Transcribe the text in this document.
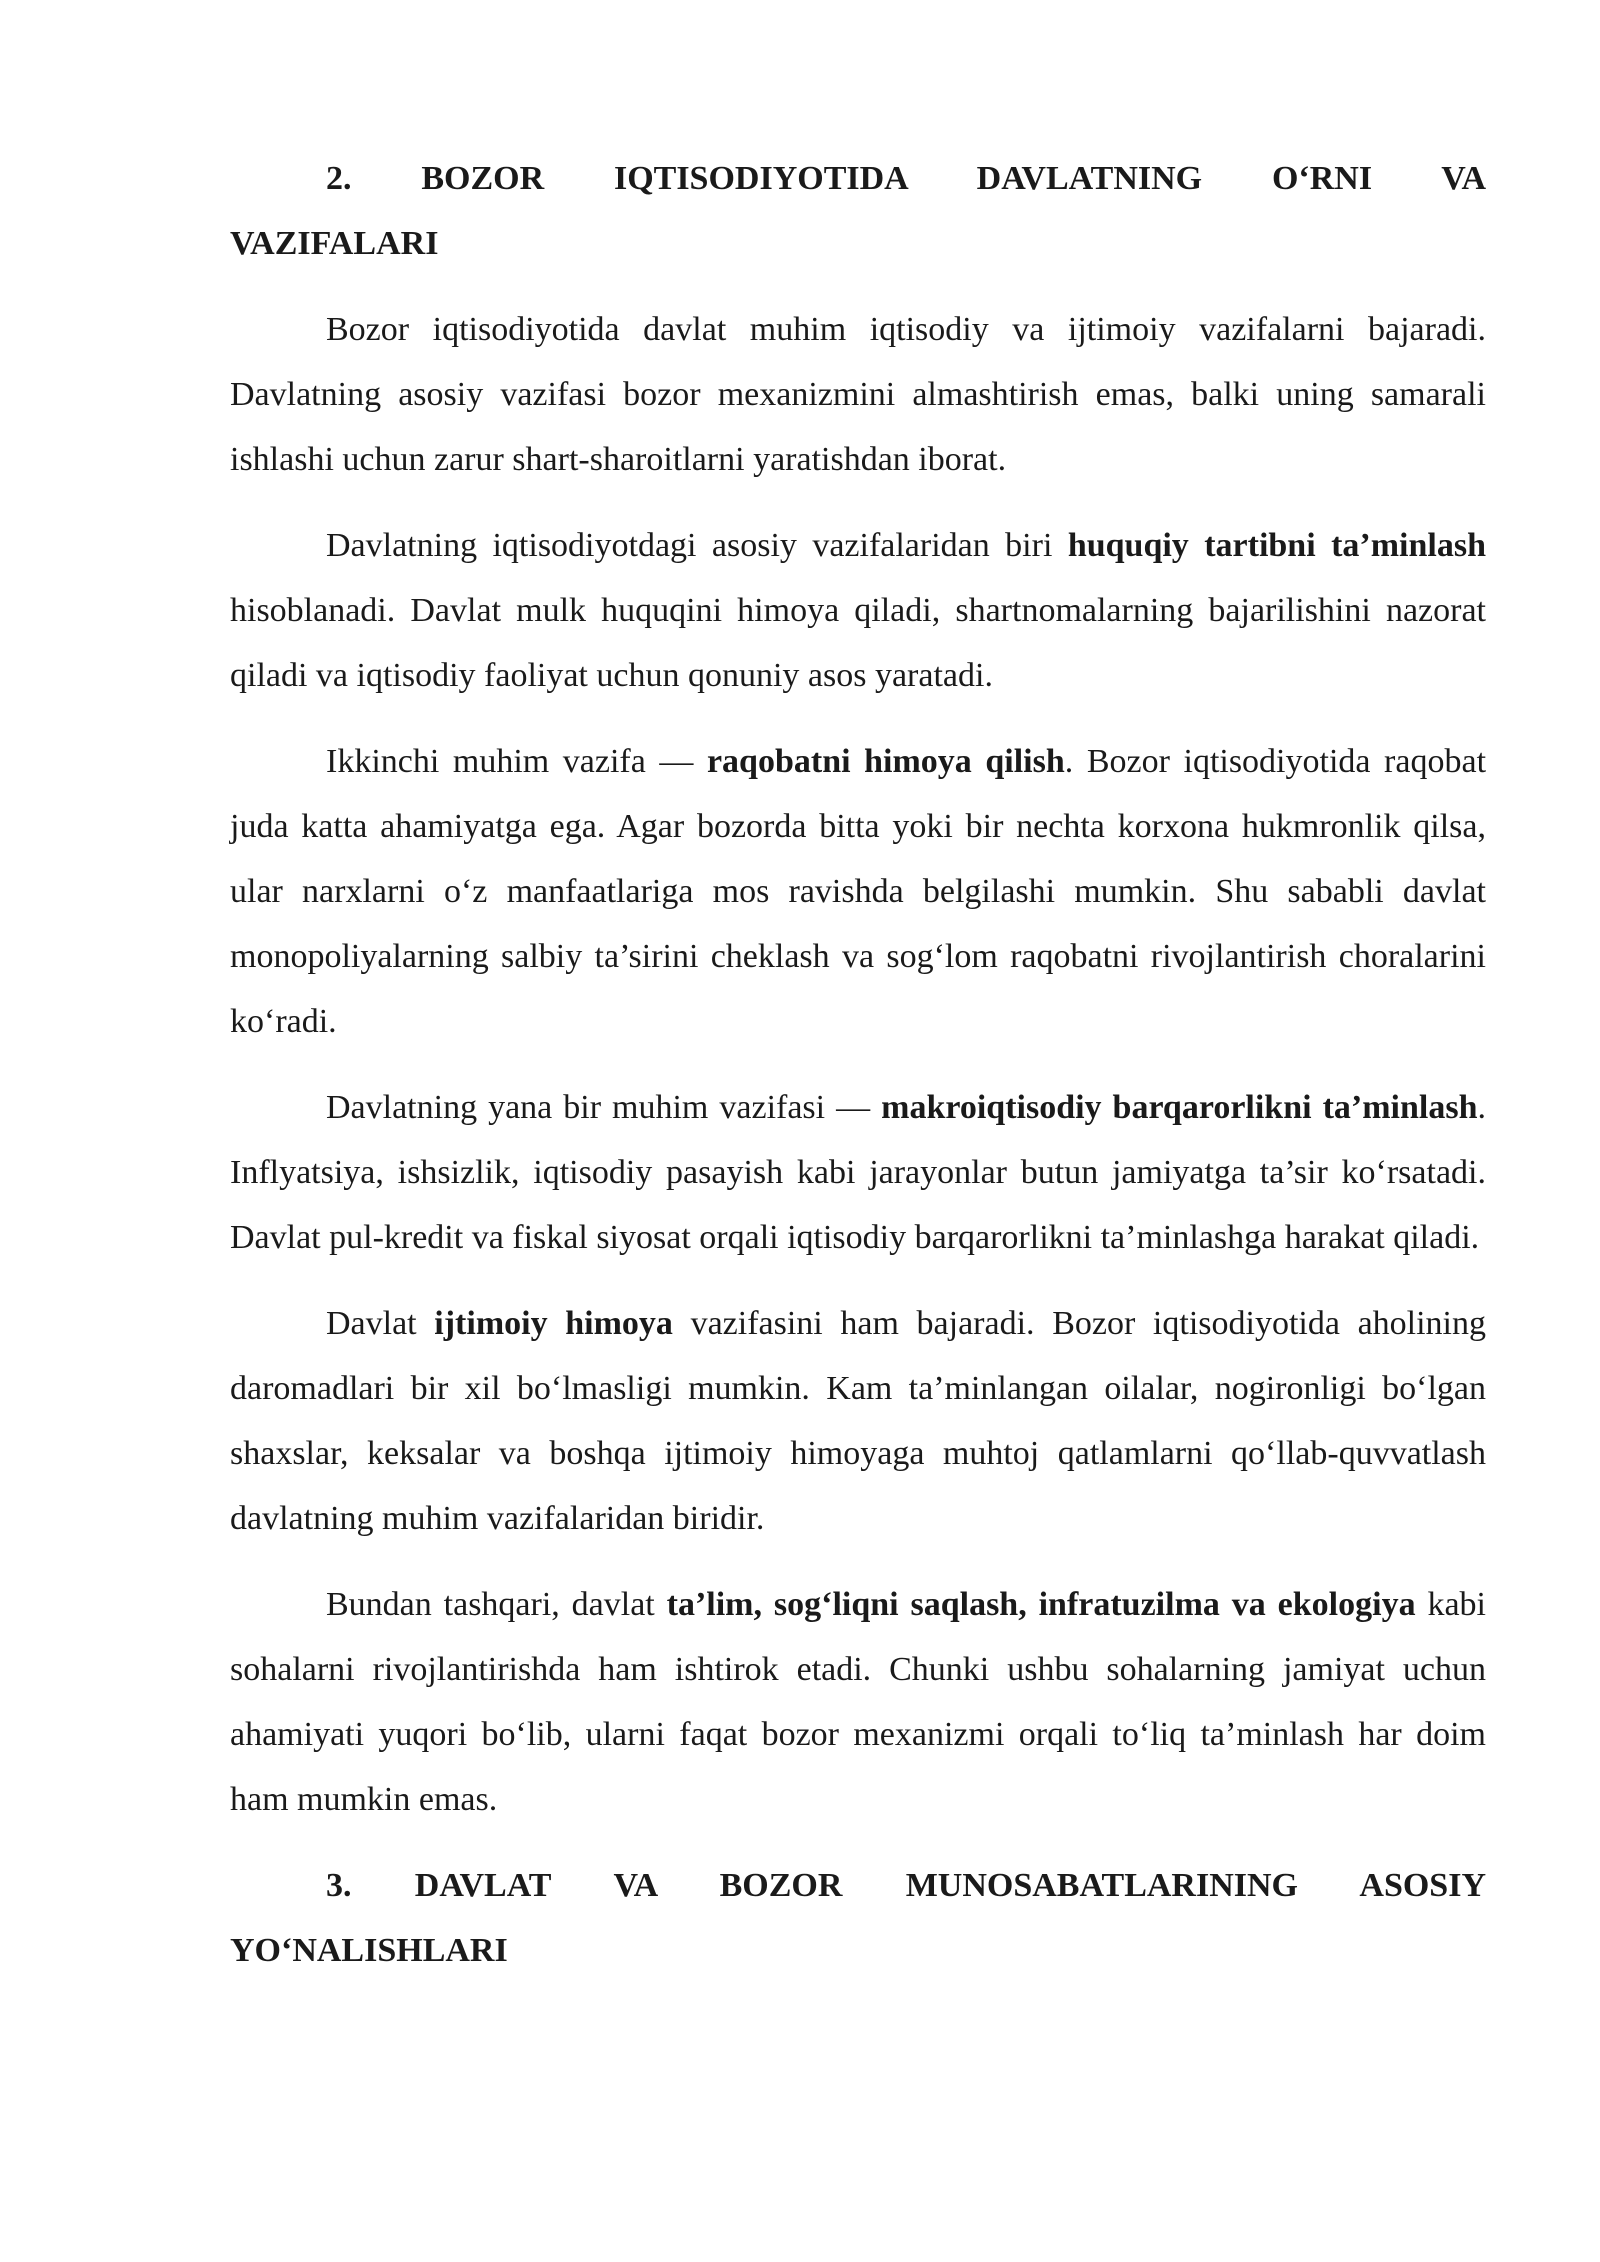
2. BOZOR IQTISODIYOTIDA DAVLATNING O‘RNI VA
VAZIFALARI

Bozor iqtisodiyotida davlat muhim iqtisodiy va ijtimoiy vazifalarni bajaradi. Davlatning asosiy vazifasi bozor mexanizmini almashtirish emas, balki uning samarali ishlashi uchun zarur shart-sharoitlarni yaratishdan iborat.

Davlatning iqtisodiyotdagi asosiy vazifalaridan biri huquqiy tartibni ta’minlash hisoblanadi. Davlat mulk huquqini himoya qiladi, shartnomalarning bajarilishini nazorat qiladi va iqtisodiy faoliyat uchun qonuniy asos yaratadi.

Ikkinchi muhim vazifa — raqobatni himoya qilish. Bozor iqtisodiyotida raqobat juda katta ahamiyatga ega. Agar bozorda bitta yoki bir nechta korxona hukmronlik qilsa, ular narxlarni o‘z manfaatlariga mos ravishda belgilashi mumkin. Shu sababli davlat monopoliyalarning salbiy ta’sirini cheklash va sog‘lom raqobatni rivojlantirish choralarini ko‘radi.

Davlatning yana bir muhim vazifasi — makroiqtisodiy barqarorlikni ta’minlash. Inflyatsiya, ishsizlik, iqtisodiy pasayish kabi jarayonlar butun jamiyatga ta’sir ko‘rsatadi. Davlat pul-kredit va fiskal siyosat orqali iqtisodiy barqarorlikni ta’minlashga harakat qiladi.

Davlat ijtimoiy himoya vazifasini ham bajaradi. Bozor iqtisodiyotida aholining daromadlari bir xil bo‘lmasligi mumkin. Kam ta’minlangan oilalar, nogironligi bo‘lgan shaxslar, keksalar va boshqa ijtimoiy himoyaga muhtoj qatlamlarni qo‘llab-quvvatlash davlatning muhim vazifalaridan biridir.

Bundan tashqari, davlat ta’lim, sog‘liqni saqlash, infratuzilma va ekologiya kabi sohalarni rivojlantirishda ham ishtirok etadi. Chunki ushbu sohalarning jamiyat uchun ahamiyati yuqori bo‘lib, ularni faqat bozor mexanizmi orqali to‘liq ta’minlash har doim ham mumkin emas.

3. DAVLAT VA BOZOR MUNOSABATLARINING ASOSIY
YO‘NALISHLARI
